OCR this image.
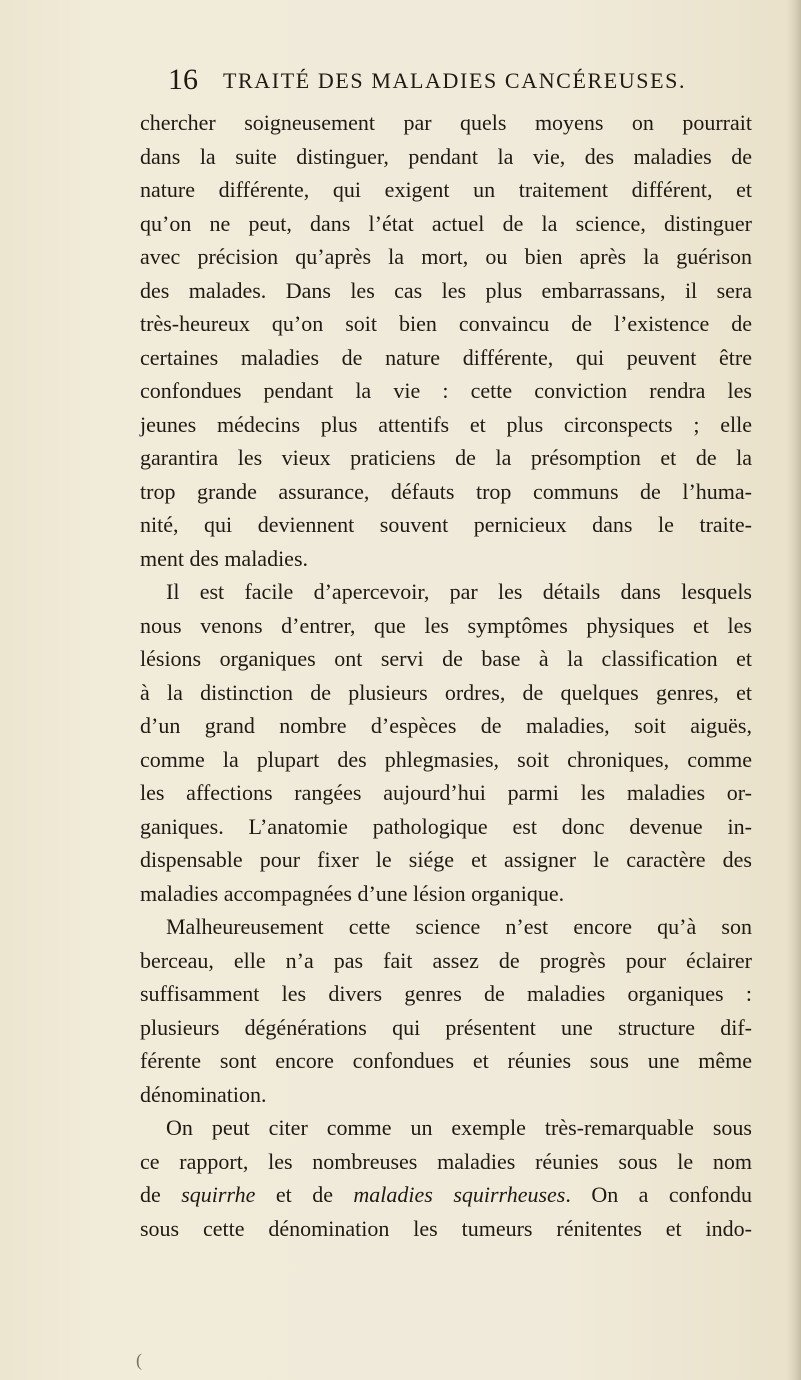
16 TRAITÉ DES MALADIES CANCÉREUSES.
chercher soigneusement par quels moyens on pourrait
dans la suite distinguer, pendant la vie, des maladies de
nature différente, qui exigent un traitement différent, et
qu’on ne peut, dans l’état actuel de la science, distinguer
avec précision qu’après la mort, ou bien après la guérison
des malades. Dans les cas les plus embarrassans, il sera
très-heureux qu’on soit bien convaincu de l’existence de
certaines maladies de nature différente, qui peuvent être
confondues pendant la vie : cette conviction rendra les
jeunes médecins plus attentifs et plus circonspects ; elle
garantira les vieux praticiens de la présomption et de la
trop grande assurance, défauts trop communs de l’huma-
nité, qui deviennent souvent pernicieux dans le traite-
ment des maladies.
Il est facile d’apercevoir, par les détails dans lesquels
nous venons d’entrer, que les symptômes physiques et les
lésions organiques ont servi de base à la classification et
à la distinction de plusieurs ordres, de quelques genres, et
d’un grand nombre d’espèces de maladies, soit aiguës,
comme la plupart des phlegmasies, soit chroniques, comme
les affections rangées aujourd’hui parmi les maladies or-
ganiques. L’anatomie pathologique est donc devenue in-
dispensable pour fixer le siége et assigner le caractère des
maladies accompagnées d’une lésion organique.
Malheureusement cette science n’est encore qu’à son
berceau, elle n’a pas fait assez de progrès pour éclairer
suffisamment les divers genres de maladies organiques :
plusieurs dégénérations qui présentent une structure dif-
férente sont encore confondues et réunies sous une même
dénomination.
On peut citer comme un exemple très-remarquable sous
ce rapport, les nombreuses maladies réunies sous le nom
de squirrhe et de maladies squirrheuses. On a confondu
sous cette dénomination les tumeurs rénitentes et indo-
(
